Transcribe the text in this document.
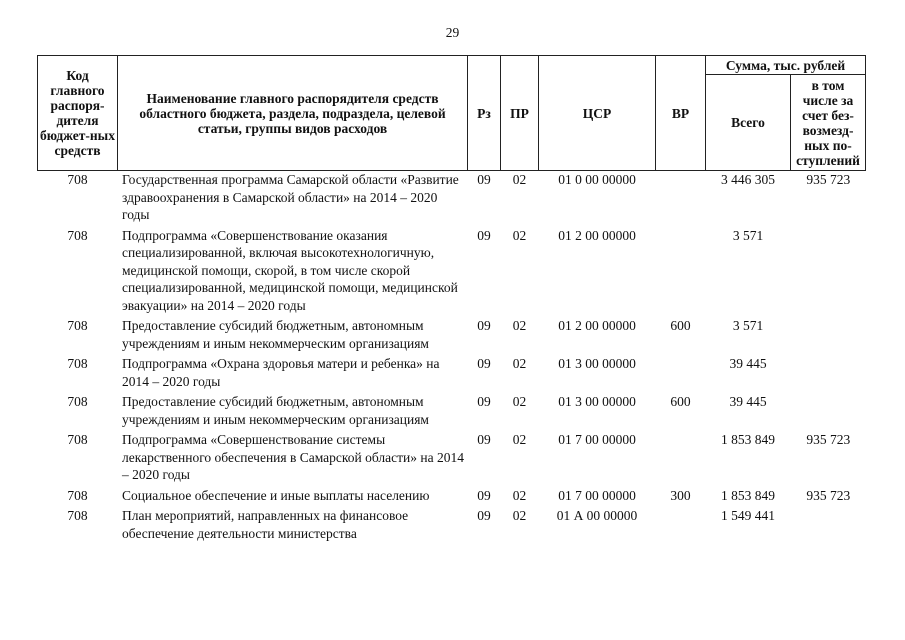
29
Код главного распоря-дителя бюджет-ных средств	Наименование главного распорядителя средств областного бюджета, раздела, подраздела, целевой статьи, группы видов расходов	Рз	ПР	ЦСР	ВР	Сумма, тыс. рублей	
						Всего	в том числе за счет без-возмезд-ных по-ступлений
708	Государственная программа Самарской области «Развитие здравоохранения в Самарской области» на 2014 – 2020 годы	09	02	01 0 00 00000		3 446 305	935 723
708	Подпрограмма «Совершенствование оказания специализированной, включая высокотехнологичную, медицинской помощи, скорой, в том числе скорой специализированной, медицинской помощи, медицинской эвакуации» на 2014 – 2020 годы	09	02	01 2 00 00000		3 571	
708	Предоставление субсидий бюджетным, автономным учреждениям и иным некоммерческим организациям	09	02	01 2 00 00000	600	3 571	
708	Подпрограмма «Охрана здоровья матери и ребенка» на 2014 – 2020 годы	09	02	01 3 00 00000		39 445	
708	Предоставление субсидий бюджетным, автономным учреждениям и иным некоммерческим организациям	09	02	01 3 00 00000	600	39 445	
708	Подпрограмма «Совершенствование системы лекарственного обеспечения в Самарской области» на 2014 – 2020 годы	09	02	01 7 00 00000		1 853 849	935 723
708	Социальное обеспечение и иные выплаты населению	09	02	01 7 00 00000	300	1 853 849	935 723
708	План мероприятий, направленных на финансовое обеспечение деятельности министерства	09	02	01 А 00 00000		1 549 441	
